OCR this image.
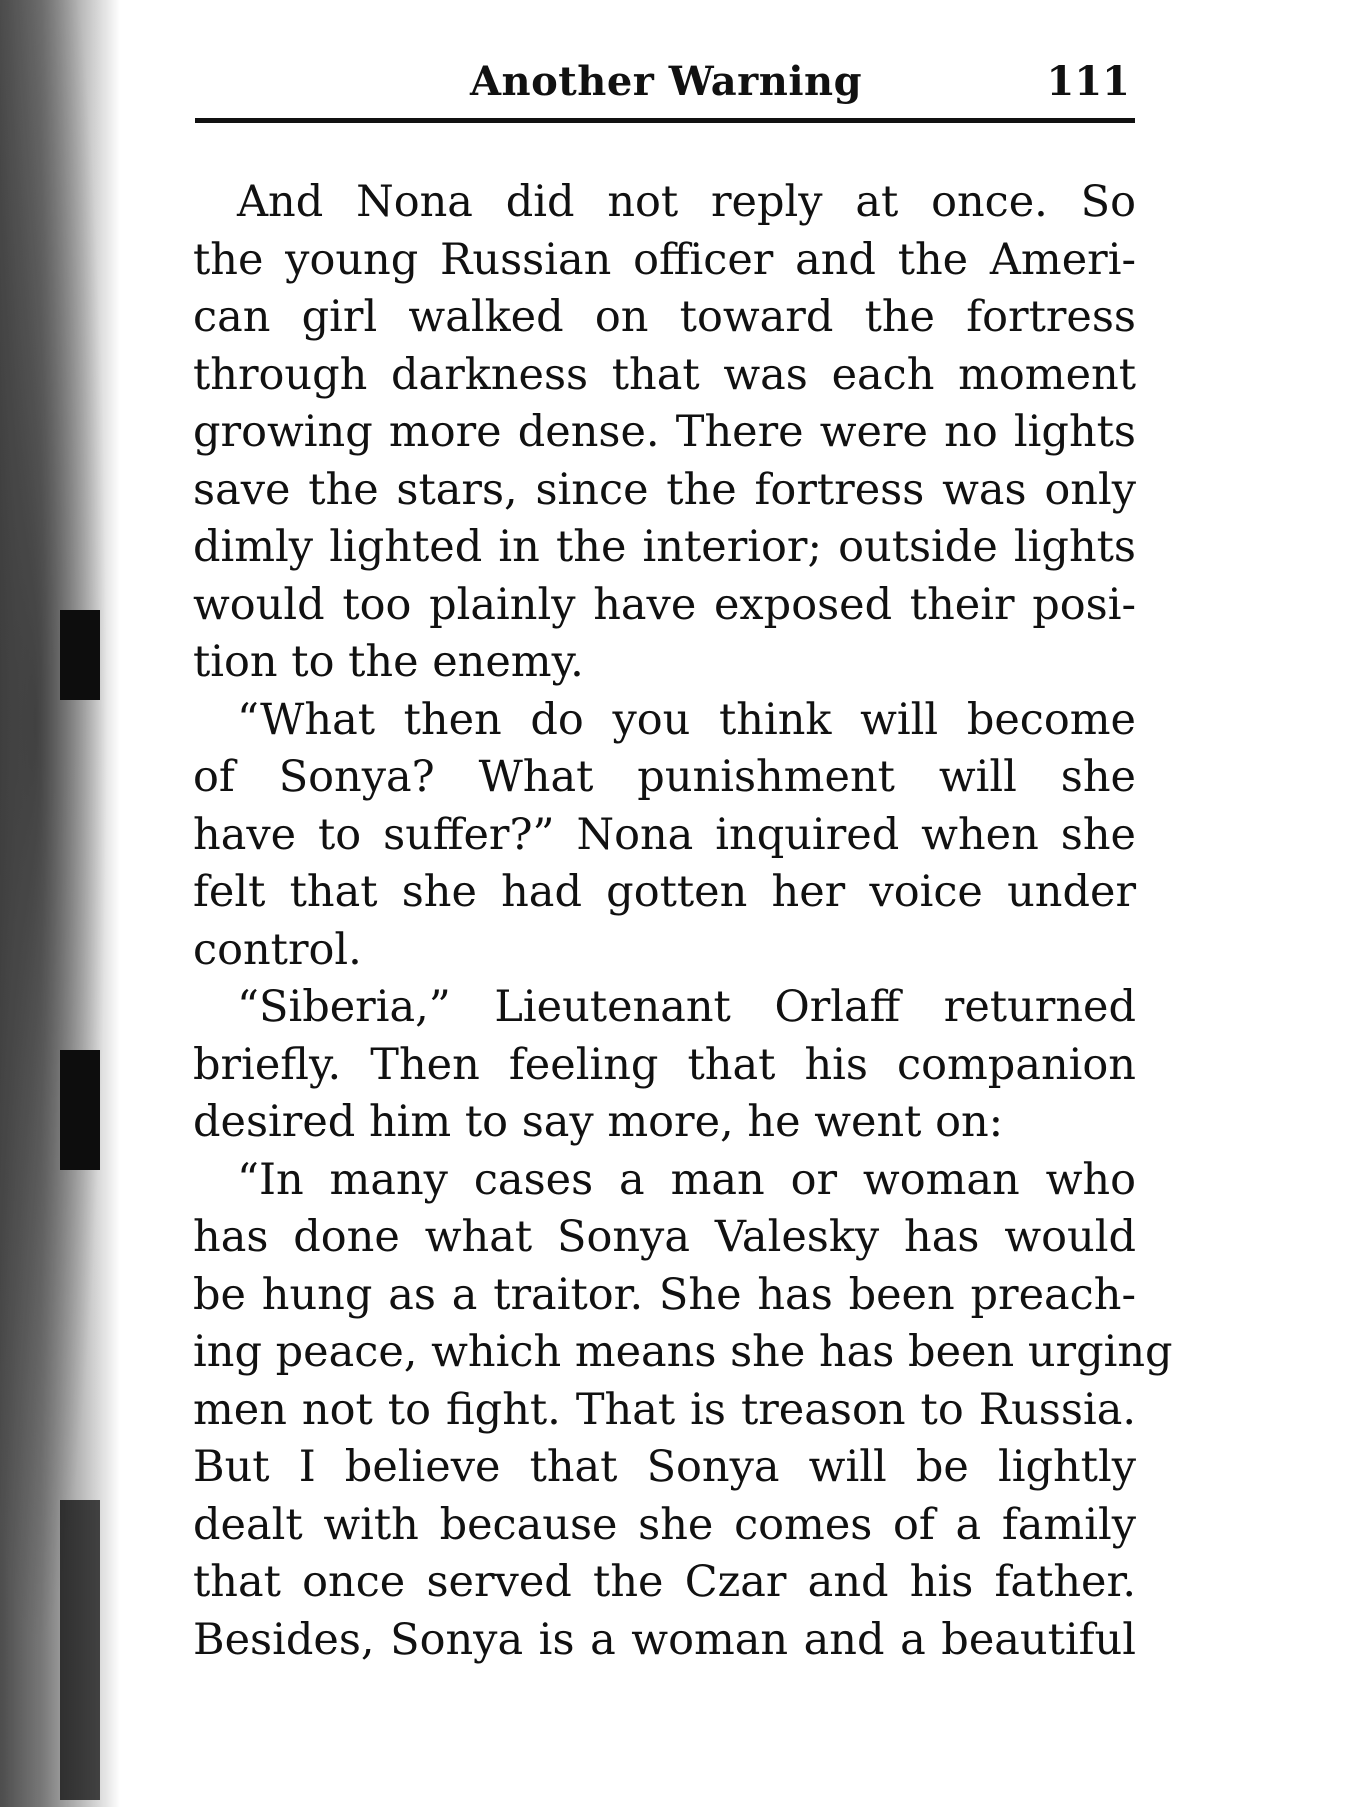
Another Warning	111
And Nona did not reply at once. So
the young Russian officer and the Ameri-
can girl walked on toward the fortress
through darkness that was each moment
growing more dense. There were no lights
save the stars, since the fortress was only
dimly lighted in the interior; outside lights
would too plainly have exposed their posi-
tion to the enemy.
“What then do you think will become
of Sonya? What punishment will she
have to suffer?” Nona inquired when she
felt that she had gotten her voice under
control.
“Siberia,” Lieutenant Orlaff returned
briefly. Then feeling that his companion
desired him to say more, he went on:
“In many cases a man or woman who
has done what Sonya Valesky has would
be hung as a traitor. She has been preach-
ing peace, which means she has been urging
men not to fight. That is treason to Russia.
But I believe that Sonya will be lightly
dealt with because she comes of a family
that once served the Czar and his father.
Besides, Sonya is a woman and a beautiful
